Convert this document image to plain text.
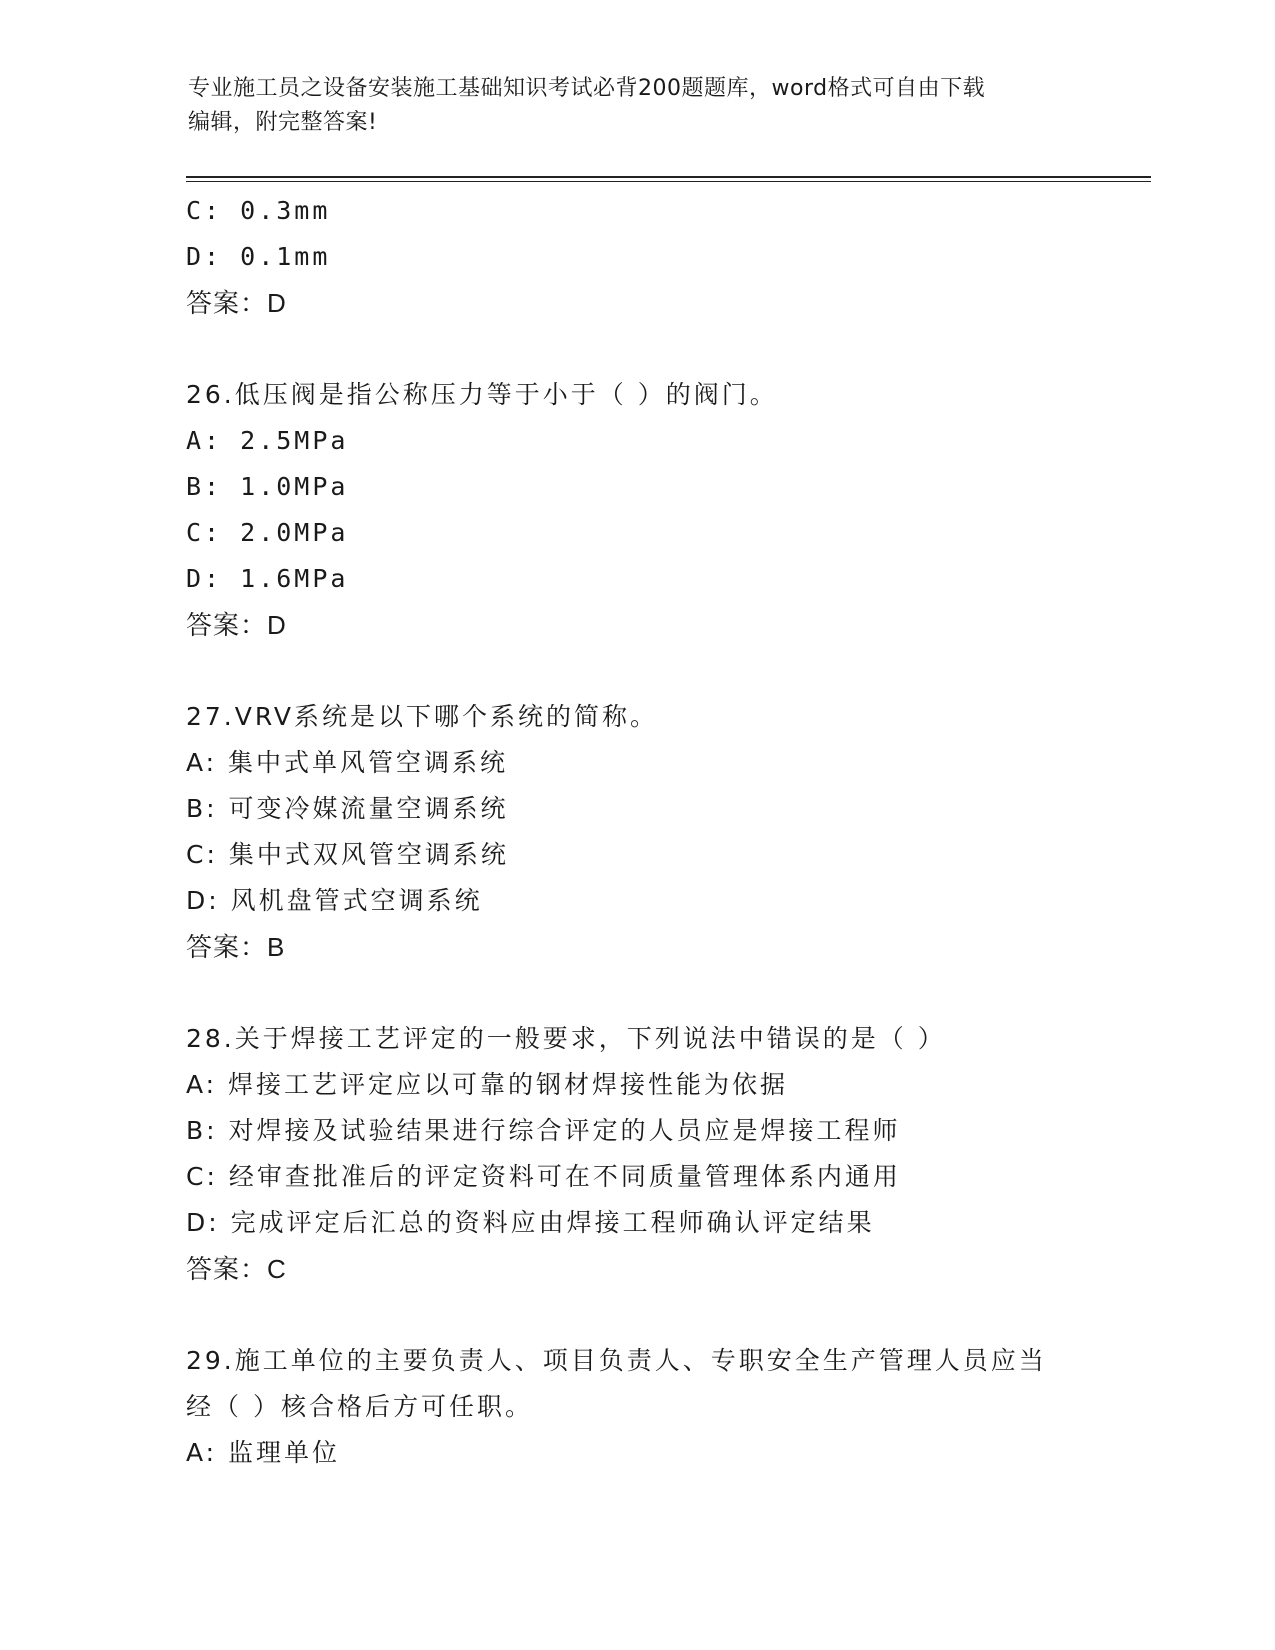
专业施工员之设备安装施工基础知识考试必背200题题库，word格式可自由下载
编辑，附完整答案!
C: 0.3mm
D: 0.1mm
答案：D
26.低压阀是指公称压力等于小于（ ）的阀门。
A: 2.5MPa
B: 1.0MPa
C: 2.0MPa
D: 1.6MPa
答案：D
27.VRV系统是以下哪个系统的简称。
A: 集中式单风管空调系统
B: 可变冷媒流量空调系统
C: 集中式双风管空调系统
D: 风机盘管式空调系统
答案：B
28.关于焊接工艺评定的一般要求，下列说法中错误的是（ ）
A: 焊接工艺评定应以可靠的钢材焊接性能为依据
B: 对焊接及试验结果进行综合评定的人员应是焊接工程师
C: 经审查批准后的评定资料可在不同质量管理体系内通用
D: 完成评定后汇总的资料应由焊接工程师确认评定结果
答案：C
29.施工单位的主要负责人、项目负责人、专职安全生产管理人员应当
经（ ）核合格后方可任职。
A: 监理单位
